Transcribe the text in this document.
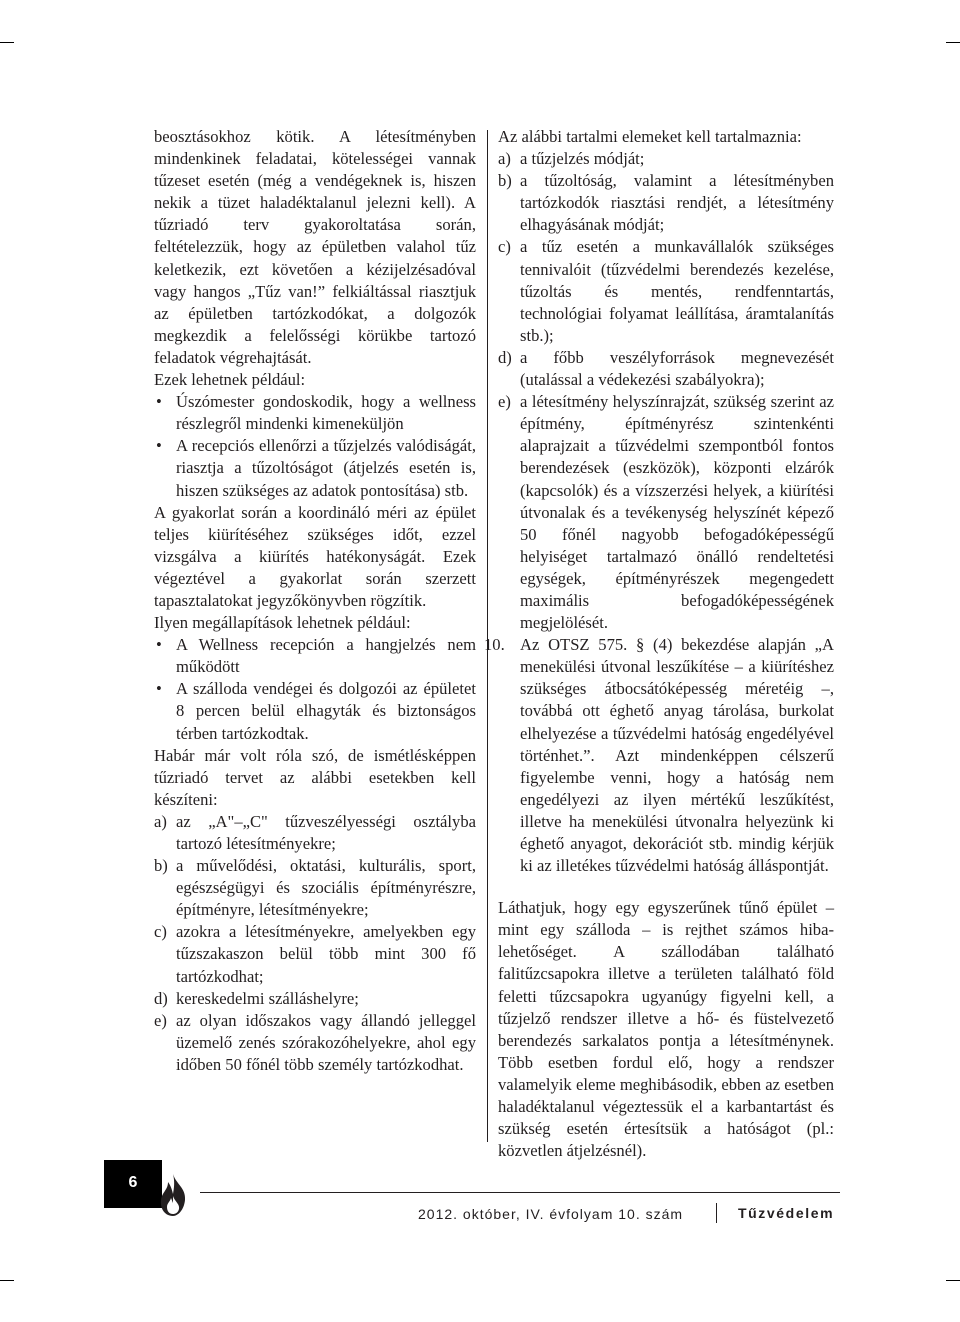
beosztásokhoz kötik. A létesítményben mindenkinek feladatai, kötelességei vannak tűzeset esetén (még a vendégeknek is, hiszen nekik a tüzet haladéktalanul jelezni kell). A tűzriadó terv gyakoroltatása során, feltételezzük, hogy az épületben valahol tűz keletkezik, ezt követően a kézijelzésadóval vagy hangos „Tűz van!” felkiáltással riasztjuk az épületben tartózkodókat, a dolgozók megkezdik a felelősségi körükbe tartozó feladatok végrehajtását.

Ezek lehetnek például:

• Úszómester gondoskodik, hogy a wellness részlegről mindenki kimeneküljön
• A recepciós ellenőrzi a tűzjelzés valódiságát, riasztja a tűzoltóságot (átjelzés esetén is, hiszen szükséges az adatok pontosítása) stb.

A gyakorlat során a koordináló méri az épület teljes kiürítéséhez szükséges időt, ezzel vizsgálva a kiürítés hatékonyságát. Ezek végeztével a gyakorlat során szerzett tapasztalatokat jegyzőkönyvben rögzítik.

Ilyen megállapítások lehetnek például:

• A Wellness recepción a hangjelzés nem működött
• A szálloda vendégei és dolgozói az épületet 8 percen belül elhagyták és biztonságos térben tartózkodtak.

Habár már volt róla szó, de ismétlésképpen tűzriadó tervet az alábbi esetekben kell készíteni:

a) az „A"–„C" tűzveszélyességi osztályba tartozó létesítményekre;
b) a művelődési, oktatási, kulturális, sport, egészségügyi és szociális építményrészre, építményre, létesítményekre;
c) azokra a létesítményekre, amelyekben egy tűzszakaszon belül több mint 300 fő tartózkodhat;
d) kereskedelmi szálláshelyre;
e) az olyan időszakos vagy állandó jelleggel üzemelő zenés szórakozóhelyekre, ahol egy időben 50 főnél több személy tartózkodhat.

Az alábbi tartalmi elemeket kell tartalmaznia:

a) a tűzjelzés módját;
b) a tűzoltóság, valamint a létesítményben tartózkodók riasztási rendjét, a létesítmény elhagyásának módját;
c) a tűz esetén a munkavállalók szükséges tennivalóit (tűzvédelmi berendezés kezelése, tűzoltás és mentés, rendfenntartás, technológiai folyamat leállítása, áramtalanítás stb.);
d) a főbb veszélyforrások megnevezését (utalással a védekezési szabályokra);
e) a létesítmény helyszínrajzát, szükség szerint az építmény, építményrész szintenkénti alaprajzait a tűzvédelmi szempontból fontos berendezések (eszközök), központi elzárók (kapcsolók) és a vízszerzési helyek, a kiürítési útvonalak és a tevékenység helyszínét képező 50 főnél nagyobb befogadóképességű helyiséget tartalmazó önálló rendeltetési egységek, építményrészek megengedett maximális befogadóképességének megjelölését.
10. Az OTSZ 575. § (4) bekezdése alapján „A menekülési útvonal leszűkítése – a kiürítéshez szükséges átbocsátóképesség méretéig –, továbbá ott éghető anyag tárolása, burkolat elhelyezése a tűzvédelmi hatóság engedélyével történhet.”. Azt mindenképpen célszerű figyelembe venni, hogy a hatóság nem engedélyezi az ilyen mértékű leszűkítést, illetve ha menekülési útvonalra helyezünk ki éghető anyagot, dekorációt stb. mindig kérjük ki az illetékes tűzvédelmi hatóság álláspontját.

Láthatjuk, hogy egy egyszerűnek tűnő épület – mint egy szálloda – is rejthet számos hiba-lehetőséget. A szállodában található falitűzcsapokra illetve a területen található föld feletti tűzcsapokra ugyanúgy figyelni kell, a tűzjelző rendszer illetve a hő- és füstelvezető berendezés sarkalatos pontja a létesítménynek. Több esetben fordul elő, hogy a rendszer valamelyik eleme meghibásodik, ebben az esetben haladéktalanul végeztessük el a karbantartást és szükség esetén értesítsük a hatóságot (pl.: közvetlen átjelzésnél).

6
2012. október, IV. évfolyam 10. szám	Tűzvédelem
